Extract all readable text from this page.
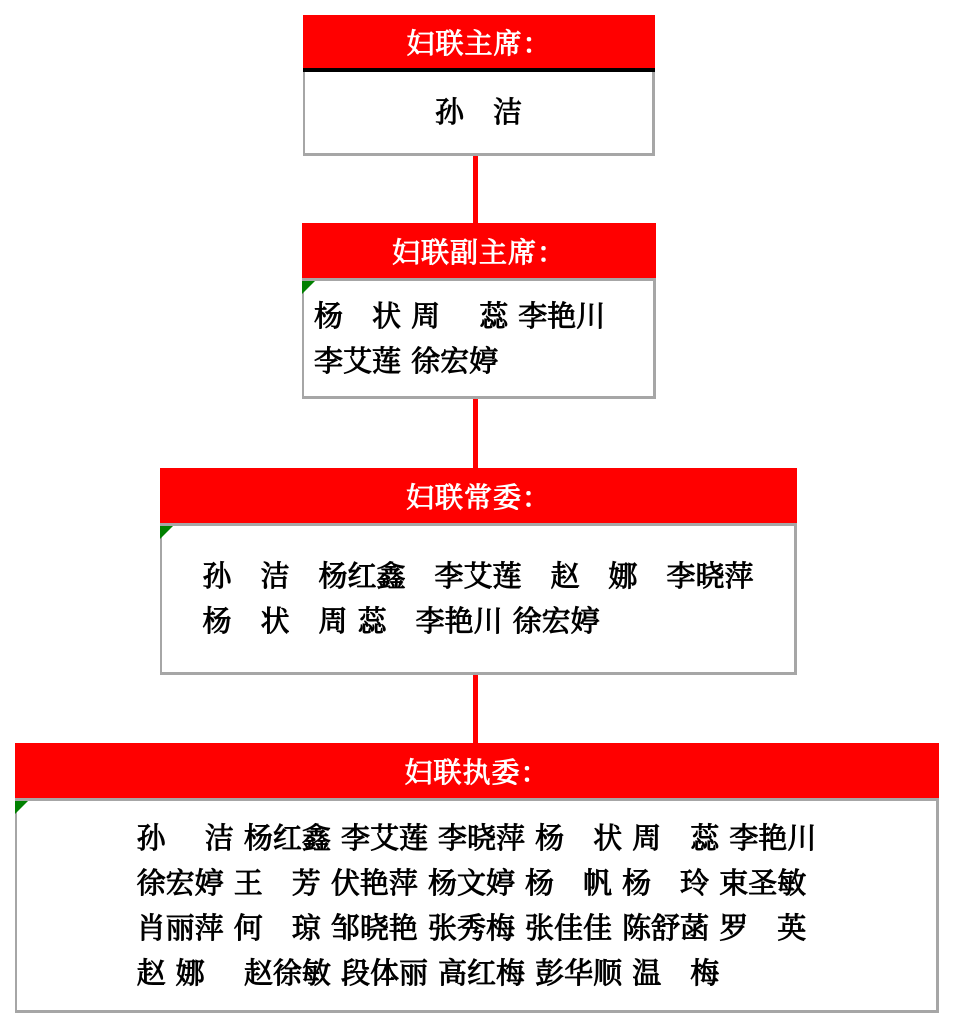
妇联主席：
孙　洁
妇联副主席：
杨　状 周　 蕊 李艳川
李艾莲 徐宏婷
妇联常委：
孙　洁　杨红鑫　李艾莲　赵　娜　李晓萍
杨　状　周 蕊　李艳川 徐宏婷
妇联执委：
孙　 洁 杨红鑫 李艾莲 李晓萍 杨　状 周　蕊 李艳川
徐宏婷 王　芳 伏艳萍 杨文婷 杨　帆 杨　玲 束圣敏
肖丽萍 何　琼 邹晓艳 张秀梅 张佳佳 陈舒菡 罗　英
赵 娜　 赵徐敏 段体丽 高红梅 彭华顺 温　梅
